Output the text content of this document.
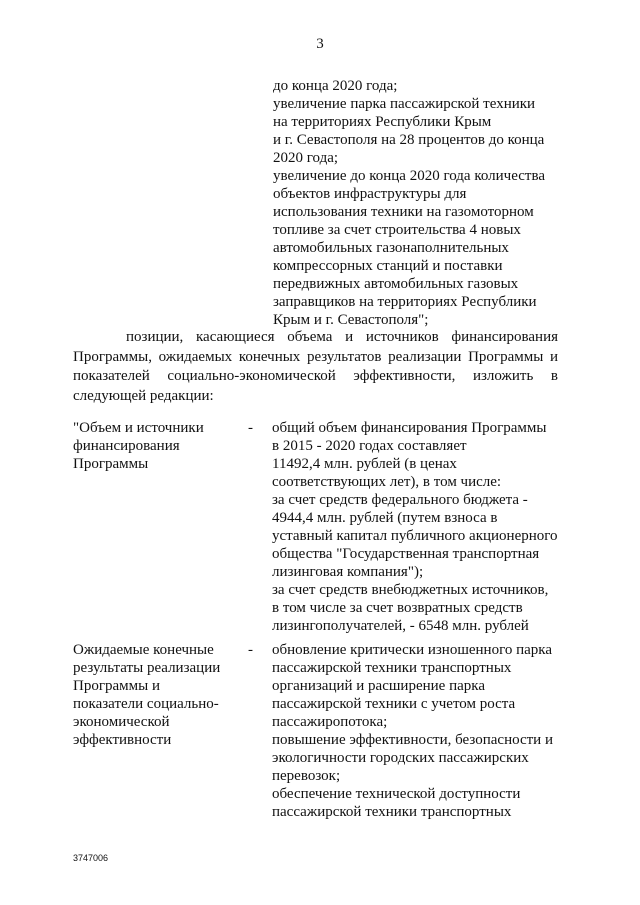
3
до конца 2020 года;
увеличение парка пассажирской техники
на территориях Республики Крым
и г. Севастополя на 28 процентов до конца
2020 года;
увеличение до конца 2020 года количества
объектов инфраструктуры для
использования техники на газомоторном
топливе за счет строительства 4 новых
автомобильных газонаполнительных
компрессорных станций и поставки
передвижных автомобильных газовых
заправщиков на территориях Республики
Крым и г. Севастополя";
позиции, касающиеся объема и источников финансирования
Программы, ожидаемых конечных результатов реализации Программы и
показателей социально-экономической эффективности, изложить в
следующей редакции:
"Объем и источники
финансирования
Программы
- общий объем финансирования Программы
в 2015 - 2020 годах составляет
11492,4 млн. рублей (в ценах
соответствующих лет), в том числе:
за счет средств федерального бюджета -
4944,4 млн. рублей (путем взноса в
уставный капитал публичного акционерного
общества "Государственная транспортная
лизинговая компания");
за счет средств внебюджетных источников,
в том числе за счет возвратных средств
лизингополучателей, - 6548 млн. рублей
Ожидаемые конечные
результаты реализации
Программы и
показатели социально-
экономической
эффективности
- обновление критически изношенного парка
пассажирской техники транспортных
организаций и расширение парка
пассажирской техники с учетом роста
пассажиропотока;
повышение эффективности, безопасности и
экологичности городских пассажирских
перевозок;
обеспечение технической доступности
пассажирской техники транспортных
3747006
